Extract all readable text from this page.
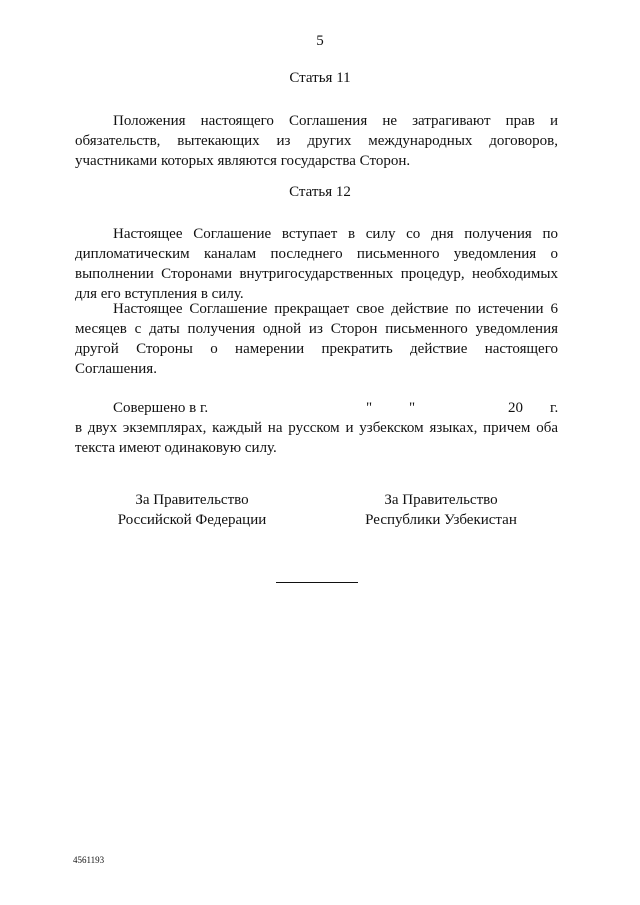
5
Статья 11
Положения настоящего Соглашения не затрагивают прав и обязательств, вытекающих из других международных договоров, участниками которых являются государства Сторон.
Статья 12
Настоящее Соглашение вступает в силу со дня получения по дипломатическим каналам последнего письменного уведомления о выполнении Сторонами внутригосударственных процедур, необходимых для его вступления в силу.
Настоящее Соглашение прекращает свое действие по истечении 6 месяцев с даты получения одной из Сторон письменного уведомления другой Стороны о намерении прекратить действие настоящего Соглашения.
Совершено в г.	" "	20 г.
в двух экземплярах, каждый на русском и узбекском языках, причем оба текста имеют одинаковую силу.
За Правительство
Российской Федерации
За Правительство
Республики Узбекистан
4561193
